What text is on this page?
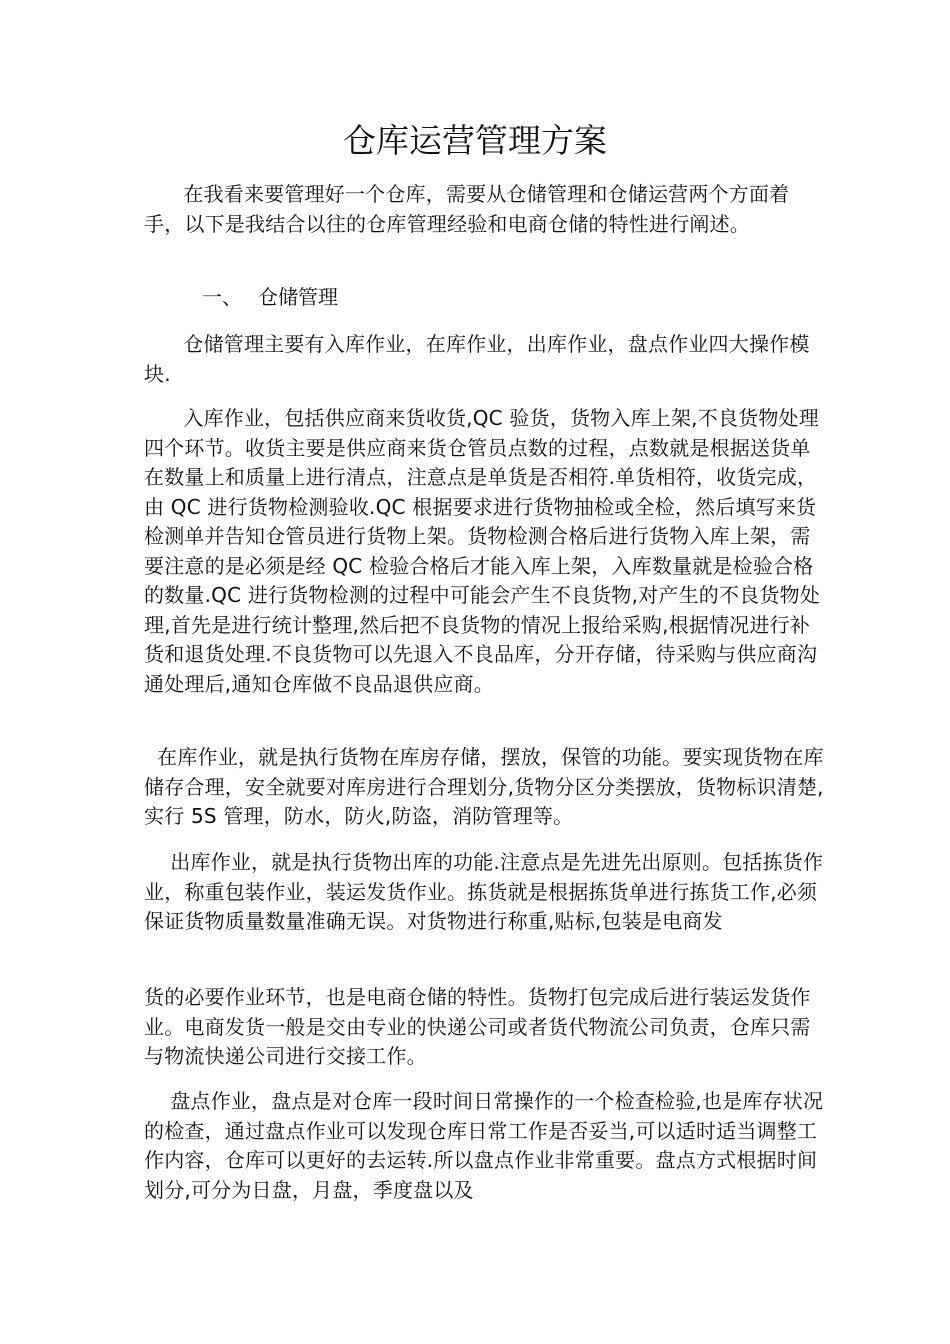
仓库运营管理方案

在我看来要管理好一个仓库，需要从仓储管理和仓储运营两个方面着手，以下是我结合以往的仓库管理经验和电商仓储的特性进行阐述。

一、 仓储管理

仓储管理主要有入库作业，在库作业，出库作业，盘点作业四大操作模块.

入库作业，包括供应商来货收货,QC 验货，货物入库上架,不良货物处理四个环节。收货主要是供应商来货仓管员点数的过程，点数就是根据送货单在数量上和质量上进行清点，注意点是单货是否相符.单货相符，收货完成，由 QC 进行货物检测验收.QC 根据要求进行货物抽检或全检，然后填写来货检测单并告知仓管员进行货物上架。货物检测合格后进行货物入库上架，需要注意的是必须是经 QC 检验合格后才能入库上架，入库数量就是检验合格的数量.QC 进行货物检测的过程中可能会产生不良货物,对产生的不良货物处理,首先是进行统计整理,然后把不良货物的情况上报给采购,根据情况进行补货和退货处理.不良货物可以先退入不良品库，分开存储，待采购与供应商沟通处理后,通知仓库做不良品退供应商。

在库作业，就是执行货物在库房存储，摆放，保管的功能。要实现货物在库储存合理，安全就要对库房进行合理划分,货物分区分类摆放，货物标识清楚,实行 5S 管理，防水，防火,防盗，消防管理等。

出库作业，就是执行货物出库的功能.注意点是先进先出原则。包括拣货作业，称重包装作业，装运发货作业。拣货就是根据拣货单进行拣货工作,必须保证货物质量数量准确无误。对货物进行称重,贴标,包装是电商发

货的必要作业环节，也是电商仓储的特性。货物打包完成后进行装运发货作业。电商发货一般是交由专业的快递公司或者货代物流公司负责，仓库只需与物流快递公司进行交接工作。

盘点作业，盘点是对仓库一段时间日常操作的一个检查检验,也是库存状况的检查，通过盘点作业可以发现仓库日常工作是否妥当,可以适时适当调整工作内容，仓库可以更好的去运转.所以盘点作业非常重要。盘点方式根据时间划分,可分为日盘，月盘，季度盘以及
